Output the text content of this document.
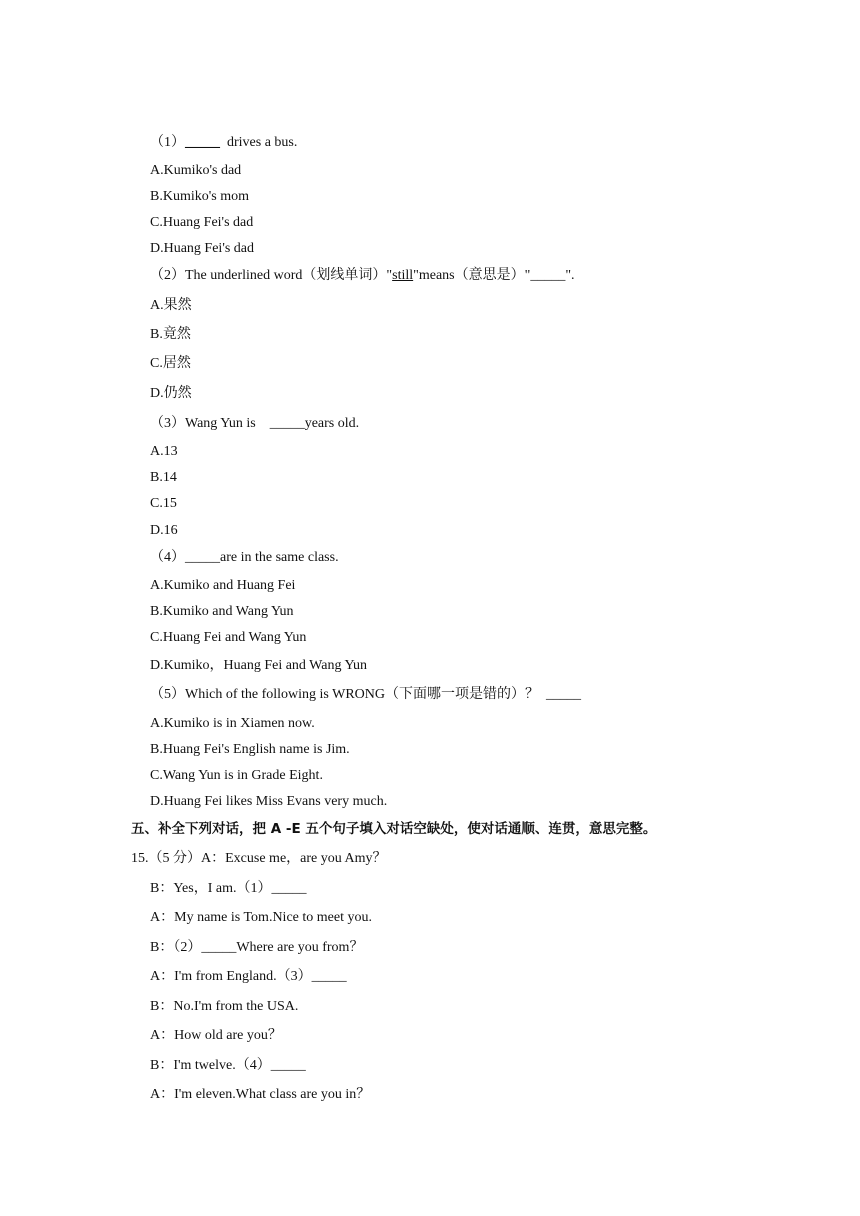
（1）_____  drives a bus.
A.Kumiko's dad
B.Kumiko's mom
C.Huang Fei's dad
D.Huang Fei's dad
（2）The underlined word（划线单词）"still"means（意思是）"_____".
A.果然
B.竟然
C.居然
D.仍然
（3）Wang Yun is    _____years old.
A.13
B.14
C.15
D.16
（4）_____are in the same class.
A.Kumiko and Huang Fei
B.Kumiko and Wang Yun
C.Huang Fei and Wang Yun
D.Kumiko，Huang Fei and Wang Yun
（5）Which of the following is WRONG（下面哪一项是错的）？  _____
A.Kumiko is in Xiamen now.
B.Huang Fei's English name is Jim.
C.Wang Yun is in Grade Eight.
D.Huang Fei likes Miss Evans very much.
五、补全下列对话，把 A -E 五个句子填入对话空缺处，使对话通顺、连贯，意思完整。
15.（5 分）A：Excuse me，are you Amy？
B：Yes，I am.（1）_____
A：My name is Tom.Nice to meet you.
B：（2）_____Where are you from？
A：I'm from England.（3）_____
B：No.I'm from the USA.
A：How old are you？
B：I'm twelve.（4）_____
A：I'm eleven.What class are you in？
